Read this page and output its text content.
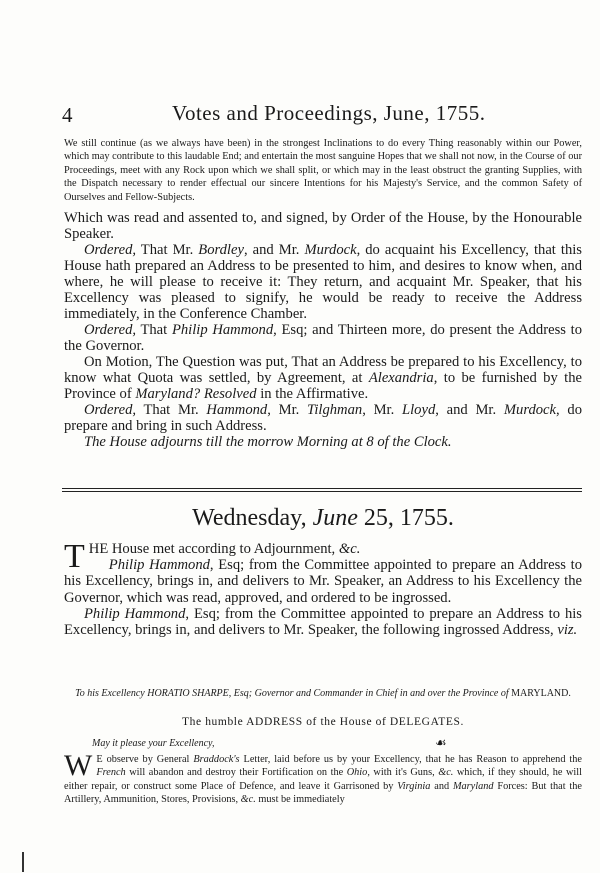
4	Votes and Proceedings, June, 1755.
We still continue (as we always have been) in the strongest Inclinations to do every Thing reasonably within our Power, which may contribute to this laudable End; and entertain the most sanguine Hopes that we shall not now, in the Course of our Proceedings, meet with any Rock upon which we shall split, or which may in the least obstruct the granting Supplies, with the Dispatch necessary to render effectual our sincere Intentions for his Majesty's Service, and the common Safety of Ourselves and Fellow-Subjects.

Which was read and assented to, and signed, by Order of the House, by the Honourable Speaker.

Ordered, That Mr. Bordley, and Mr. Murdock, do acquaint his Excellency, that this House hath prepared an Address to be presented to him, and desires to know when, and where, he will please to receive it: They return, and acquaint Mr. Speaker, that his Excellency was pleased to signify, he would be ready to receive the Address immediately, in the Conference Chamber.

Ordered, That Philip Hammond, Esq; and Thirteen more, do present the Address to the Governor.

On Motion, The Question was put, That an Address be prepared to his Excellency, to know what Quota was settled, by Agreement, at Alexandria, to be furnished by the Province of Maryland? Resolved in the Affirmative.

Ordered, That Mr. Hammond, Mr. Tilghman, Mr. Lloyd, and Mr. Murdock, do prepare and bring in such Address.

The House adjourns till the morrow Morning at 8 of the Clock.

Wednesday, June 25, 1755.

THE House met according to Adjournment, &c.

Philip Hammond, Esq; from the Committee appointed to prepare an Address to his Excellency, brings in, and delivers to Mr. Speaker, an Address to his Excellency the Governor, which was read, approved, and ordered to be ingrossed.

Philip Hammond, Esq; from the Committee appointed to prepare an Address to his Excellency, brings in, and delivers to Mr. Speaker, the following ingrossed Address, viz.

To his Excellency HORATIO SHARPE, Esq; Governor and Commander in Chief in and over the Province of MARYLAND.
The humble ADDRESS of the House of DELEGATES.
May it please your Excellency,	☙

W E observe by General Braddock's Letter, laid before us by your Excellency, that he has Reason to apprehend the French will abandon and destroy their Fortification on the Ohio, with it's Guns, &c. which, if they should, he will either repair, or construct some Place of Defence, and leave it Garrisoned by Virginia and Maryland Forces: But that the Artillery, Ammunition, Stores, Provisions, &c. must be immediately
